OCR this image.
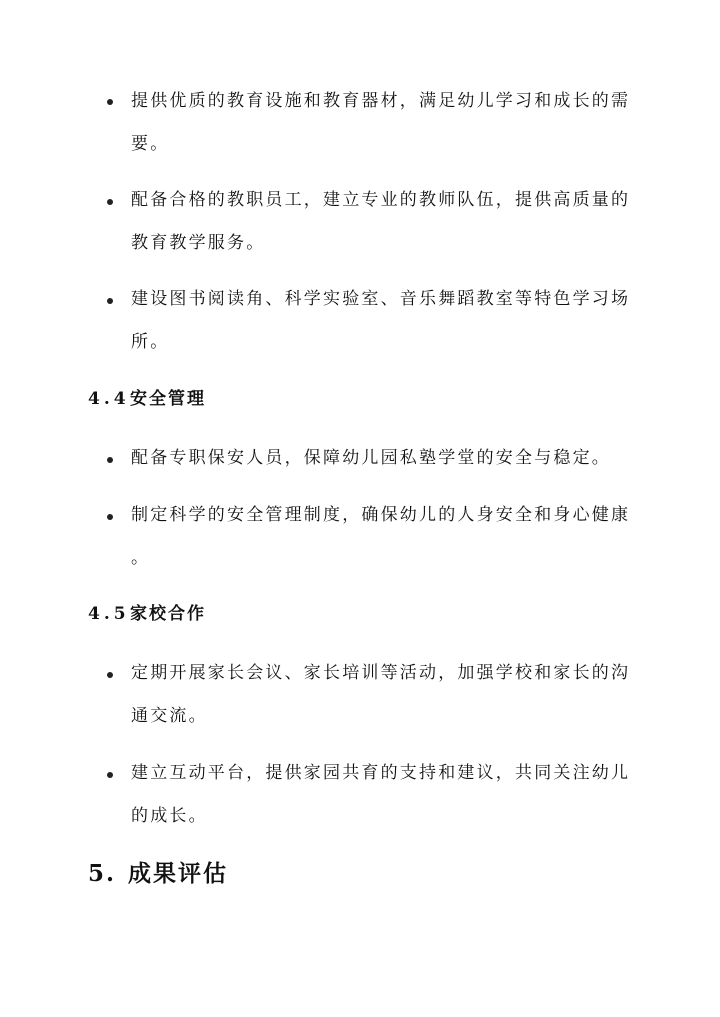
提供优质的教育设施和教育器材，满足幼儿学习和成长的需
要。
配备合格的教职员工，建立专业的教师队伍，提供高质量的
教育教学服务。
建设图书阅读角、科学实验室、音乐舞蹈教室等特色学习场
所。
4.4安全管理
配备专职保安人员，保障幼儿园私塾学堂的安全与稳定。
制定科学的安全管理制度，确保幼儿的人身安全和身心健康
。
4.5家校合作
定期开展家长会议、家长培训等活动，加强学校和家长的沟
通交流。
建立互动平台，提供家园共育的支持和建议，共同关注幼儿
的成长。
5. 成果评估
